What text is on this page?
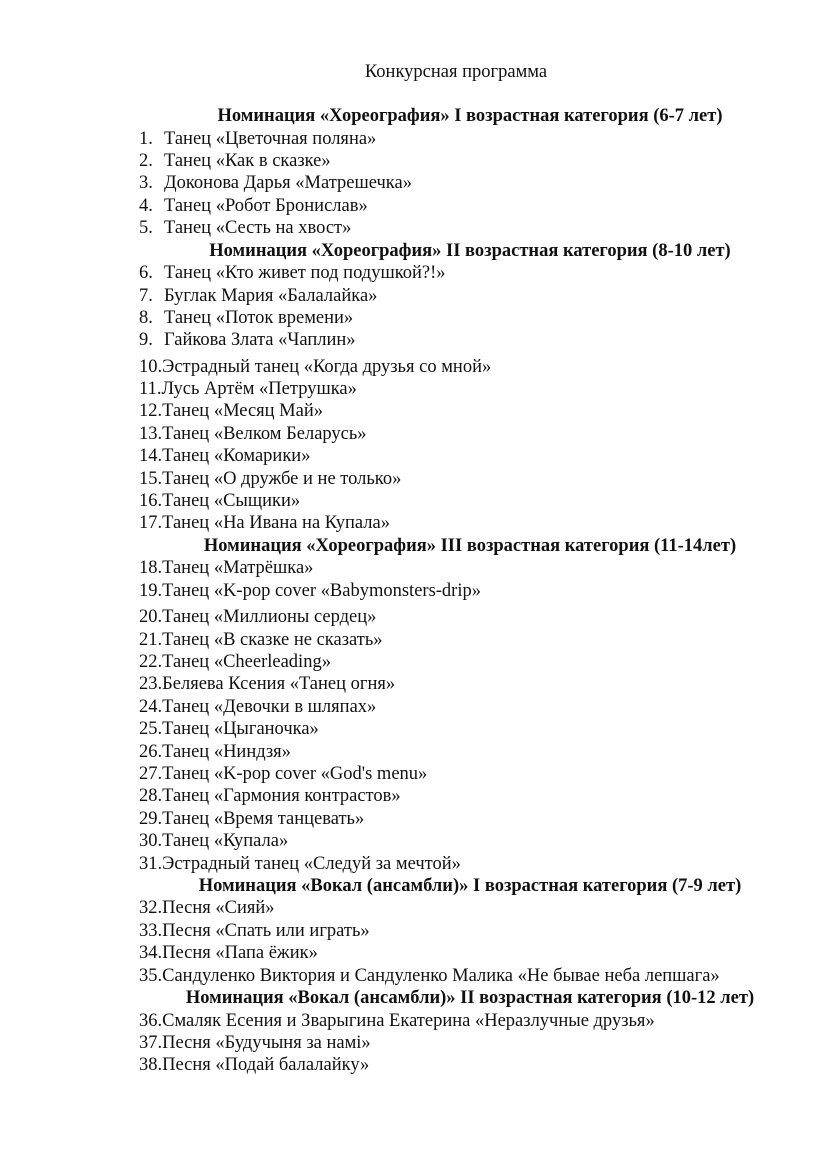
Конкурсная программа
Номинация «Хореография» I возрастная категория (6-7 лет)
1. Танец «Цветочная поляна»
2. Танец «Как в сказке»
3. Доконова Дарья «Матрешечка»
4. Танец «Робот Бронислав»
5. Танец «Сесть на хвост»
Номинация «Хореография» II возрастная категория (8-10 лет)
6. Танец «Кто живет под подушкой?!»
7. Буглак Мария «Балалайка»
8. Танец «Поток времени»
9. Гайкова Злата «Чаплин»
10.Эстрадный танец «Когда друзья со мной»
11.Лусь Артём «Петрушка»
12.Танец «Месяц Май»
13.Танец «Велком Беларусь»
14.Танец «Комарики»
15.Танец «О дружбе и не только»
16.Танец «Сыщики»
17.Танец «На Ивана на Купала»
Номинация «Хореография» III возрастная категория (11-14лет)
18.Танец «Матрёшка»
19.Танец «K-pop cover «Babymonsters-drip»
20.Танец «Миллионы сердец»
21.Танец «В сказке не сказать»
22.Танец «Cheerleading»
23.Беляева Ксения «Танец огня»
24.Танец «Девочки в шляпах»
25.Танец «Цыганочка»
26.Танец «Ниндзя»
27.Танец «K-pop cover «God's menu»
28.Танец «Гармония контрастов»
29.Танец «Время танцевать»
30.Танец «Купала»
31.Эстрадный танец «Следуй за мечтой»
Номинация «Вокал (ансамбли)» I возрастная категория (7-9 лет)
32.Песня «Сияй»
33.Песня «Спать или играть»
34.Песня «Папа ёжик»
35.Сандуленко Виктория и Сандуленко Малика «Не бывае неба лепшага»
Номинация «Вокал (ансамбли)» II возрастная категория (10-12 лет)
36.Смаляк Есения и Зварыгина Екатерина «Неразлучные друзья»
37.Песня «Будучыня за намі»
38.Песня «Подай балалайку»
